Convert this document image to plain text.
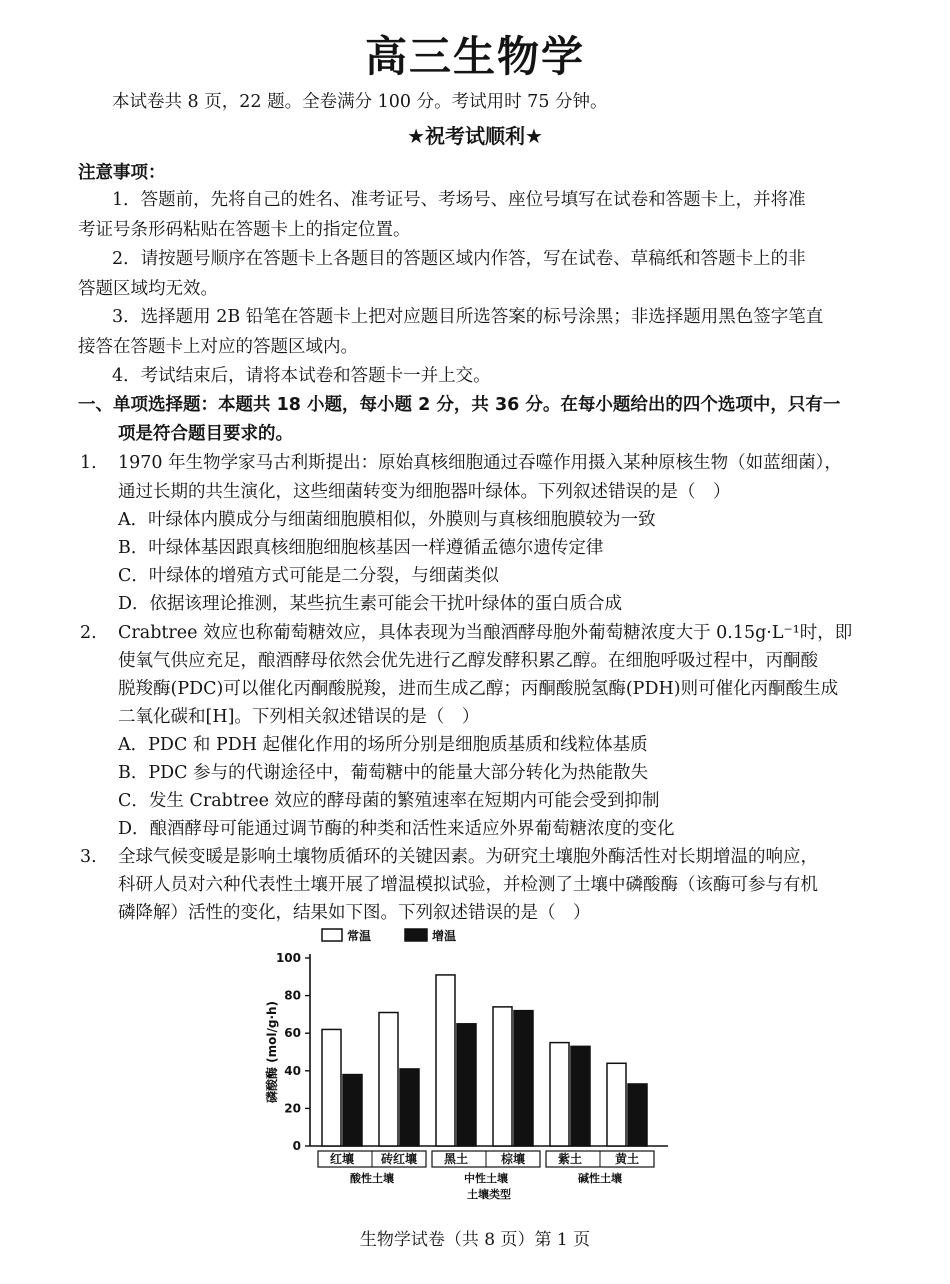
高三生物学
本试卷共 8 页，22 题。全卷满分 100 分。考试用时 75 分钟。
★祝考试顺利★
注意事项：
1．答题前，先将自己的姓名、准考证号、考场号、座位号填写在试卷和答题卡上，并将准
考证号条形码粘贴在答题卡上的指定位置。
2．请按题号顺序在答题卡上各题目的答题区域内作答，写在试卷、草稿纸和答题卡上的非
答题区域均无效。
3．选择题用 2B 铅笔在答题卡上把对应题目所选答案的标号涂黑；非选择题用黑色签字笔直
接答在答题卡上对应的答题区域内。
4．考试结束后，请将本试卷和答题卡一并上交。
一、单项选择题：本题共 18 小题，每小题 2 分，共 36 分。在每小题给出的四个选项中，只有一
项是符合题目要求的。
1. 1970 年生物学家马古利斯提出：原始真核细胞通过吞噬作用摄入某种原核生物（如蓝细菌），
通过长期的共生演化，这些细菌转变为细胞器叶绿体。下列叙述错误的是（　）
A．叶绿体内膜成分与细菌细胞膜相似，外膜则与真核细胞膜较为一致
B．叶绿体基因跟真核细胞细胞核基因一样遵循孟德尔遗传定律
C．叶绿体的增殖方式可能是二分裂，与细菌类似
D．依据该理论推测，某些抗生素可能会干扰叶绿体的蛋白质合成
2. Crabtree 效应也称葡萄糖效应，具体表现为当酿酒酵母胞外葡萄糖浓度大于 0.15g·L⁻¹时，即
使氧气供应充足，酿酒酵母依然会优先进行乙醇发酵积累乙醇。在细胞呼吸过程中，丙酮酸
脱羧酶(PDC)可以催化丙酮酸脱羧，进而生成乙醇；丙酮酸脱氢酶(PDH)则可催化丙酮酸生成
二氧化碳和[H]。下列相关叙述错误的是（　）
A．PDC 和 PDH 起催化作用的场所分别是细胞质基质和线粒体基质
B．PDC 参与的代谢途径中，葡萄糖中的能量大部分转化为热能散失
C．发生 Crabtree 效应的酵母菌的繁殖速率在短期内可能会受到抑制
D．酿酒酵母可能通过调节酶的种类和活性来适应外界葡萄糖浓度的变化
3. 全球气候变暖是影响土壤物质循环的关键因素。为研究土壤胞外酶活性对长期增温的响应，
科研人员对六种代表性土壤开展了增温模拟试验，并检测了土壤中磷酸酶（该酶可参与有机
磷降解）活性的变化，结果如下图。下列叙述错误的是（　）
0
20
40
60
80
100
磷酸酶 (mol/g·h)
红壤 砖红壤 黑土	棕壤	紫土	黄土
酸性土壤	中性土壤	碱性土壤
土壤类型
常温	增温
生物学试卷（共 8 页）第 1 页
